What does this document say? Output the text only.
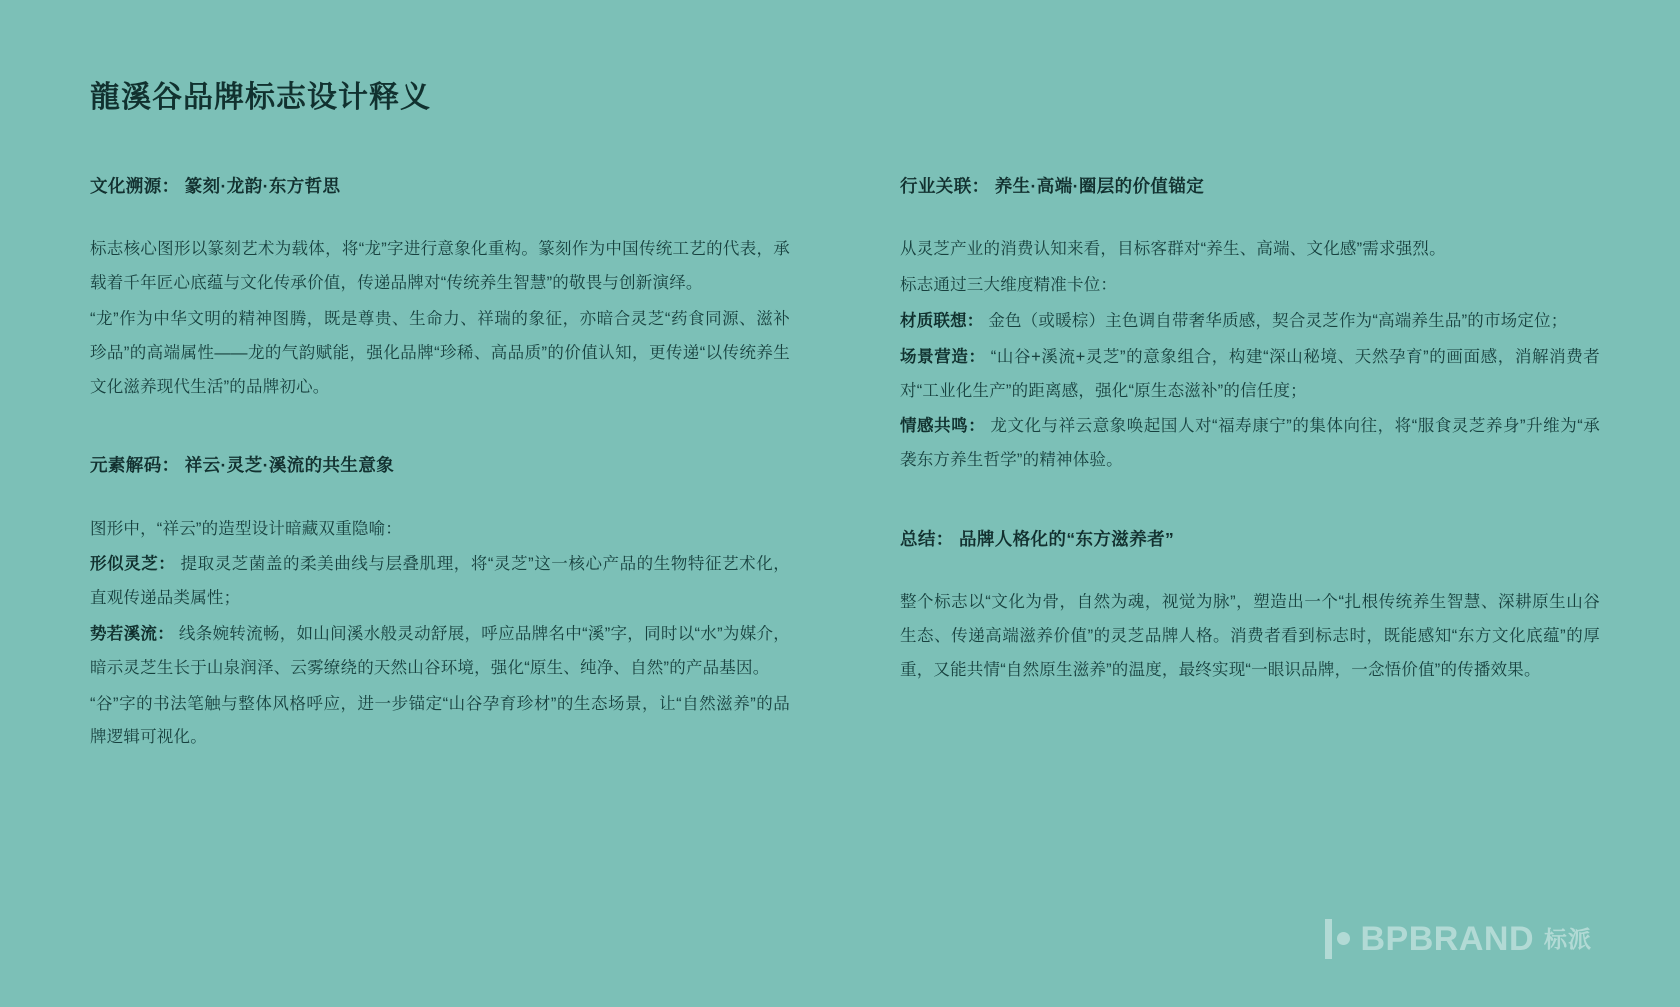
龍溪谷品牌标志设计释义
文化溯源： 篆刻·龙韵·东方哲思

标志核心图形以篆刻艺术为载体，将“龙”字进行意象化重构。篆刻作为中国传统工艺的代表，承载着千年匠心底蕴与文化传承价值，传递品牌对“传统养生智慧”的敬畏与创新演绎。

“龙”作为中华文明的精神图腾，既是尊贵、生命力、祥瑞的象征，亦暗合灵芝“药食同源、滋补珍品”的高端属性——龙的气韵赋能，强化品牌“珍稀、高品质”的价值认知，更传递“以传统养生文化滋养现代生活”的品牌初心。

元素解码： 祥云·灵芝·溪流的共生意象

图形中，“祥云”的造型设计暗藏双重隐喻：

形似灵芝： 提取灵芝菌盖的柔美曲线与层叠肌理，将“灵芝”这一核心产品的生物特征艺术化，直观传递品类属性；

势若溪流： 线条婉转流畅，如山间溪水般灵动舒展，呼应品牌名中“溪”字，同时以“水”为媒介，暗示灵芝生长于山泉润泽、云雾缭绕的天然山谷环境，强化“原生、纯净、自然”的产品基因。

“谷”字的书法笔触与整体风格呼应，进一步锚定“山谷孕育珍材”的生态场景，让“自然滋养”的品牌逻辑可视化。

行业关联： 养生·高端·圈层的价值锚定

从灵芝产业的消费认知来看，目标客群对“养生、高端、文化感”需求强烈。

标志通过三大维度精准卡位：

材质联想： 金色（或暖棕）主色调自带奢华质感，契合灵芝作为“高端养生品”的市场定位；

场景营造： “山谷+溪流+灵芝”的意象组合，构建“深山秘境、天然孕育”的画面感，消解消费者对“工业化生产”的距离感，强化“原生态滋补”的信任度；

情感共鸣： 龙文化与祥云意象唤起国人对“福寿康宁”的集体向往，将“服食灵芝养身”升维为“承袭东方养生哲学”的精神体验。

总结： 品牌人格化的“东方滋养者”

整个标志以“文化为骨，自然为魂，视觉为脉”，塑造出一个“扎根传统养生智慧、深耕原生山谷生态、传递高端滋养价值”的灵芝品牌人格。消费者看到标志时，既能感知“东方文化底蕴”的厚重，又能共情“自然原生滋养”的温度，最终实现“一眼识品牌，一念悟价值”的传播效果。

BPBRAND 标派
